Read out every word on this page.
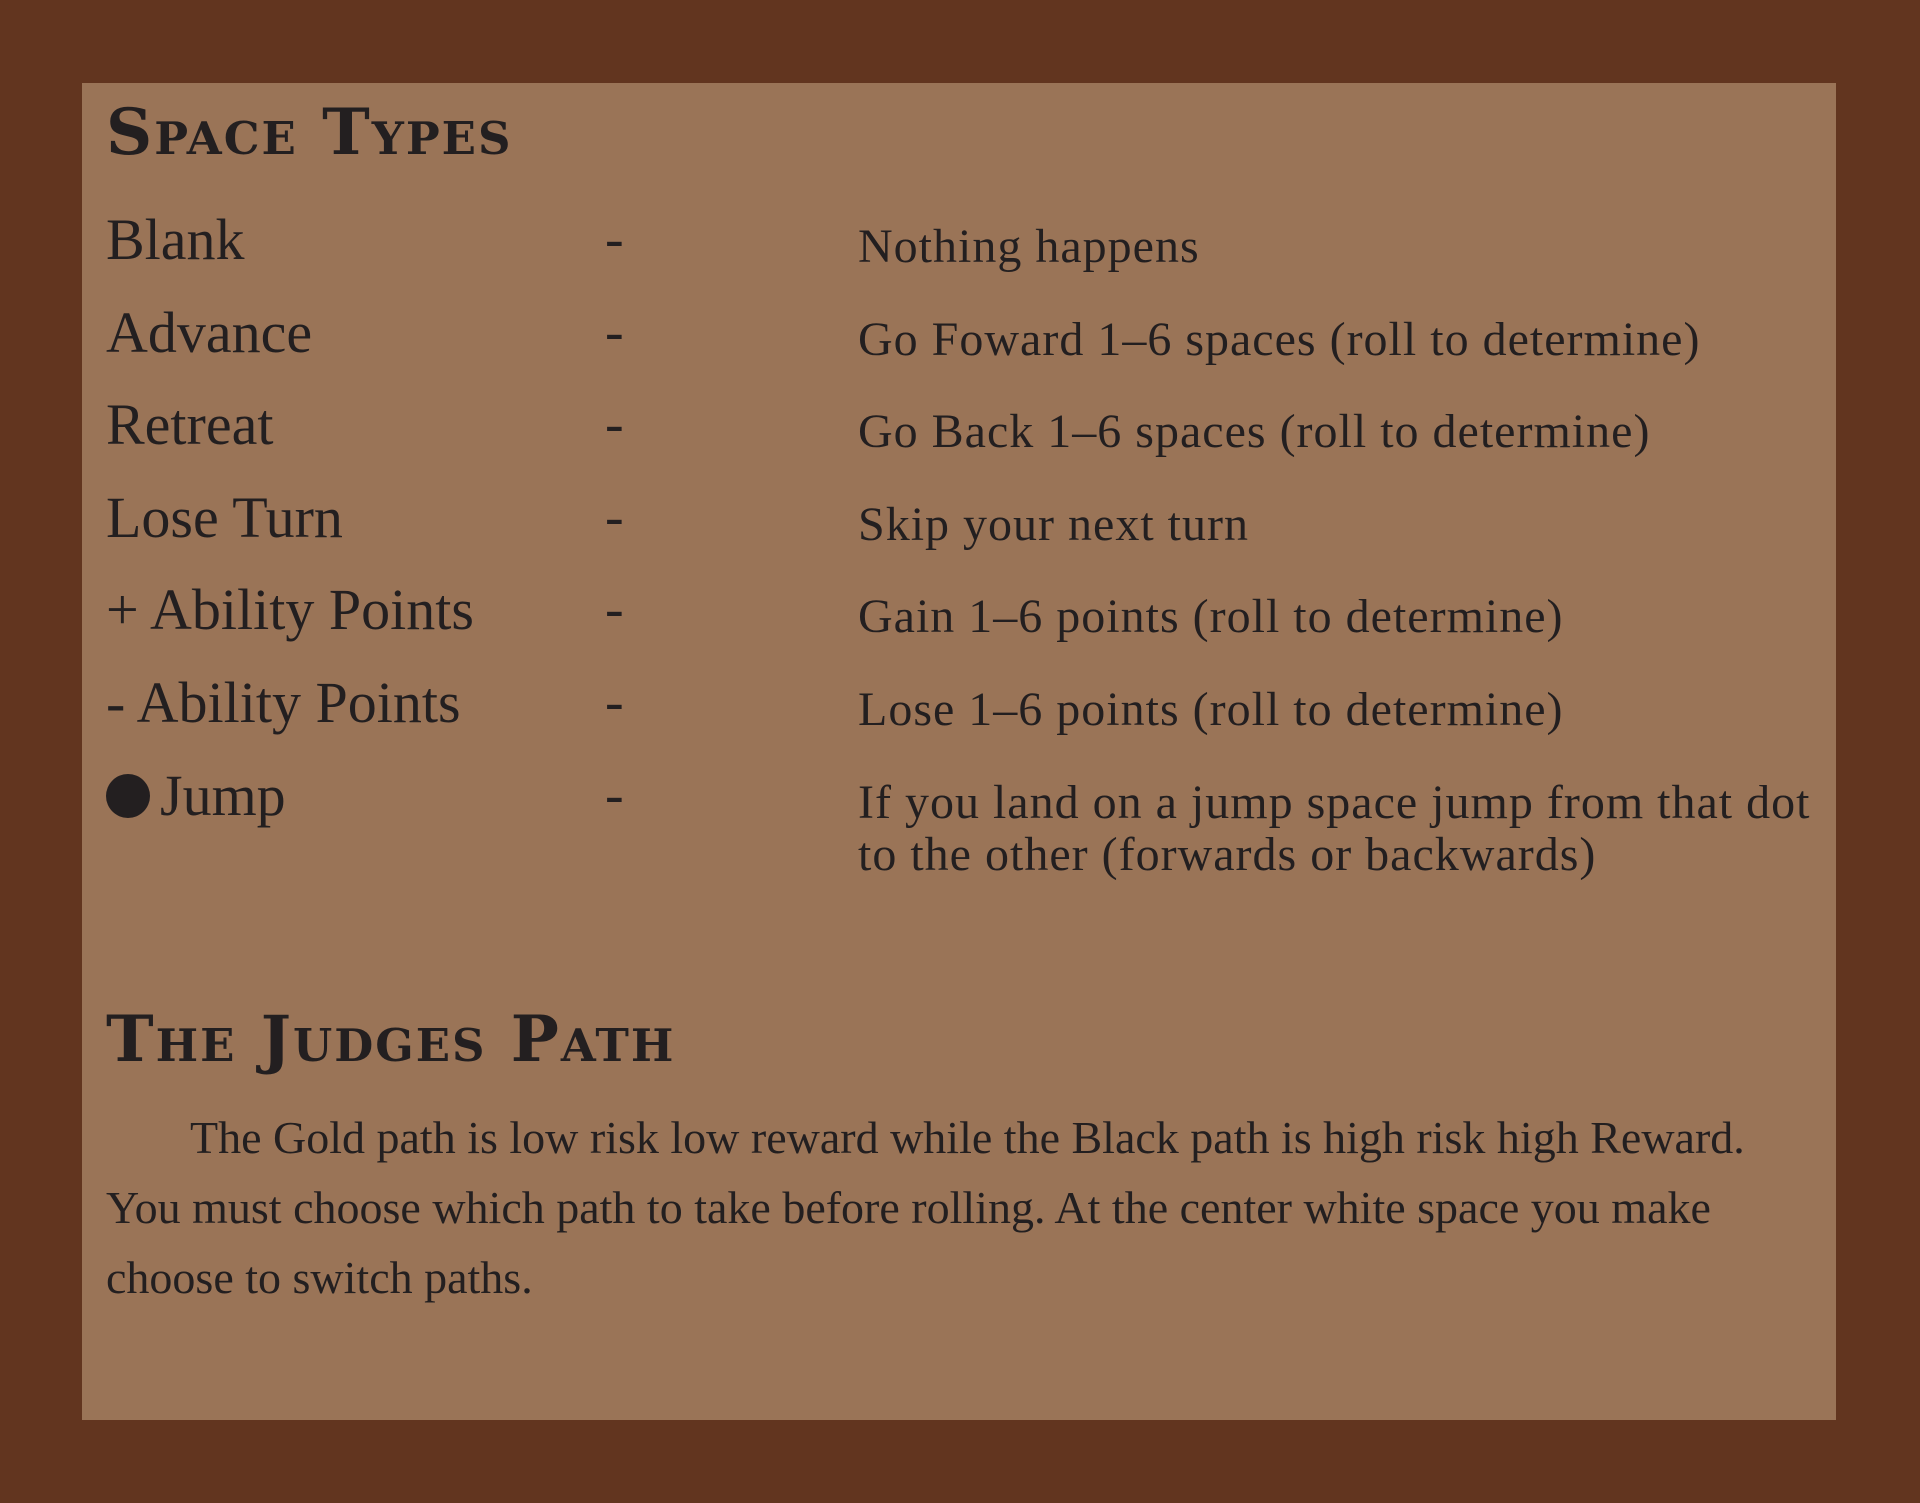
Space Types
Blank	-	Nothing happens
Advance	-	Go Foward 1–6 spaces (roll to determine)
Retreat	-	Go Back 1–6 spaces (roll to determine)
Lose Turn	-	Skip your next turn
+ Ability Points -	Gain 1–6 points (roll to determine)
- Ability Points	-	Lose 1–6 points (roll to determine)
Jump	-	If you land on a jump space jump from that dot to the other (forwards or backwards)
The Judges Path

The Gold path is low risk low reward while the Black path is high risk high Reward. You must choose which path to take before rolling. At the center white space you make choose to switch paths.
